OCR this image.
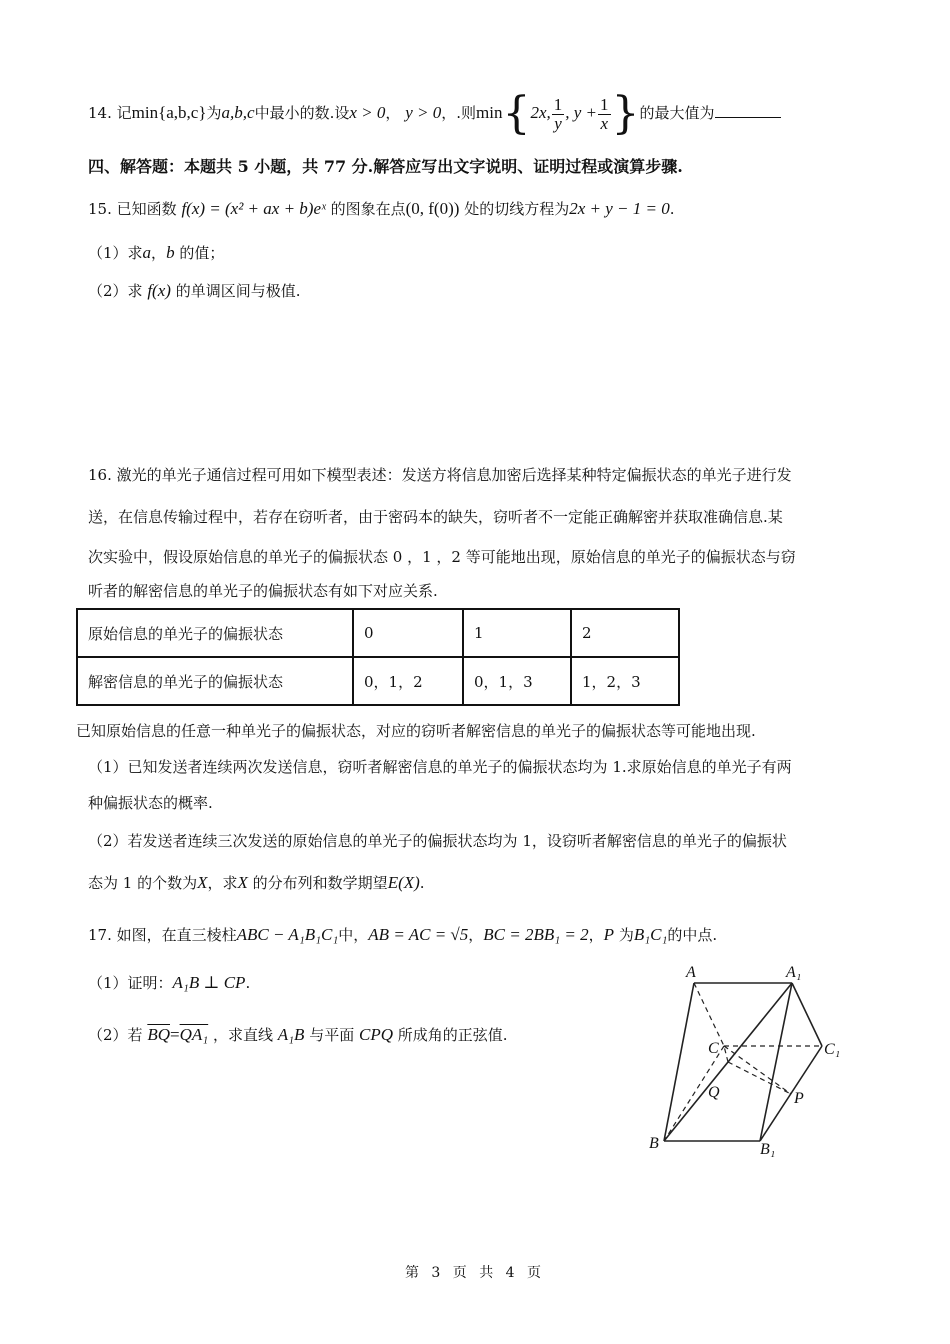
14. 记min{a,b,c}为a,b,c中最小的数.设x > 0， y > 0，.则min{2x, $\frac{1}{y}$ , $y + \frac{1}{x}$ }的最大值为
四、解答题：本题共 5 小题，共 77 分.解答应写出文字说明、证明过程或演算步骤.
15. 已知函数 f(x) = (x² + ax + b)eˣ 的图象在点(0, f(0)) 处的切线方程为2x + y − 1 = 0.
（1）求a，b 的值；
（2）求 f(x) 的单调区间与极值.
16. 激光的单光子通信过程可用如下模型表述：发送方将信息加密后选择某种特定偏振状态的单光子进行发
送，在信息传输过程中，若存在窃听者，由于密码本的缺失，窃听者不一定能正确解密并获取准确信息.某
次实验中，假设原始信息的单光子的偏振状态 0 ，1 ，2 等可能地出现，原始信息的单光子的偏振状态与窃
听者的解密信息的单光子的偏振状态有如下对应关系.
原始信息的单光子的偏振状态	0	1	2
解密信息的单光子的偏振状态	0，1，2	0，1，3	1，2，3
已知原始信息的任意一种单光子的偏振状态，对应的窃听者解密信息的单光子的偏振状态等可能地出现.
（1）已知发送者连续两次发送信息，窃听者解密信息的单光子的偏振状态均为 1.求原始信息的单光子有两
种偏振状态的概率.
（2）若发送者连续三次发送的原始信息的单光子的偏振状态均为 1，设窃听者解密信息的单光子的偏振状
态为 1 的个数为X，求X 的分布列和数学期望E(X).
17. 如图，在直三棱柱ABC − A₁B₁C₁中，AB = AC = √5，BC = 2BB₁ = 2，P 为B₁C₁的中点.
（1）证明：A₁B ⊥ CP.
（2）若 $\overline{BQ}=QA_1$ ，求直线 A₁B 与平面 CPQ 所成角的正弦值.
A	A₁
C	C₁
Q	P
B	B₁
第 3 页 共 4 页
